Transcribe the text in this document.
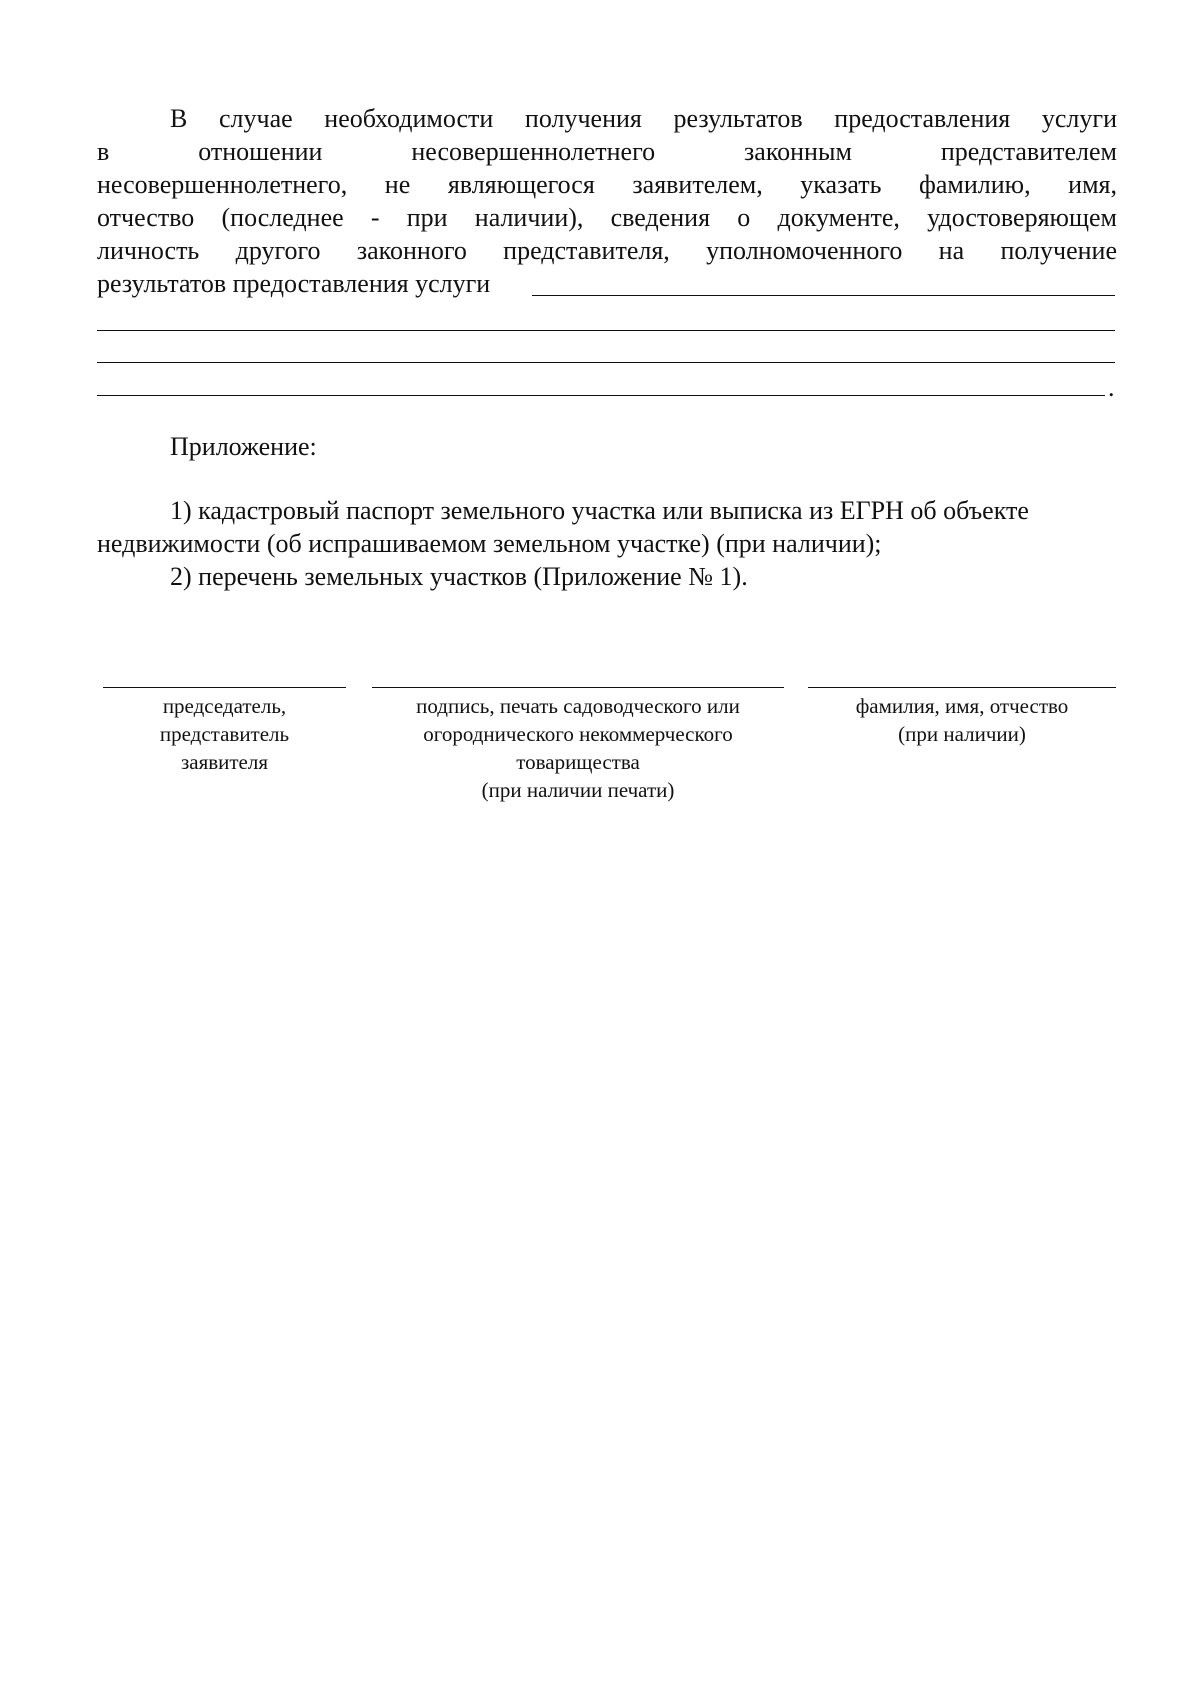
В случае необходимости получения результатов предоставления услуги
в отношении несовершеннолетнего законным представителем
несовершеннолетнего, не являющегося заявителем, указать фамилию, имя,
отчество (последнее - при наличии), сведения о документе, удостоверяющем
личность другого законного представителя, уполномоченного на получение
результатов предоставления услуги
.
Приложение:
1) кадастровый паспорт земельного участка или выписка из ЕГРН об объекте
недвижимости (об испрашиваемом земельном участке) (при наличии);
2) перечень земельных участков (Приложение № 1).
председатель,
представитель
заявителя
подпись, печать садоводческого или
огороднического некоммерческого
товарищества
(при наличии печати)
фамилия, имя, отчество
(при наличии)
